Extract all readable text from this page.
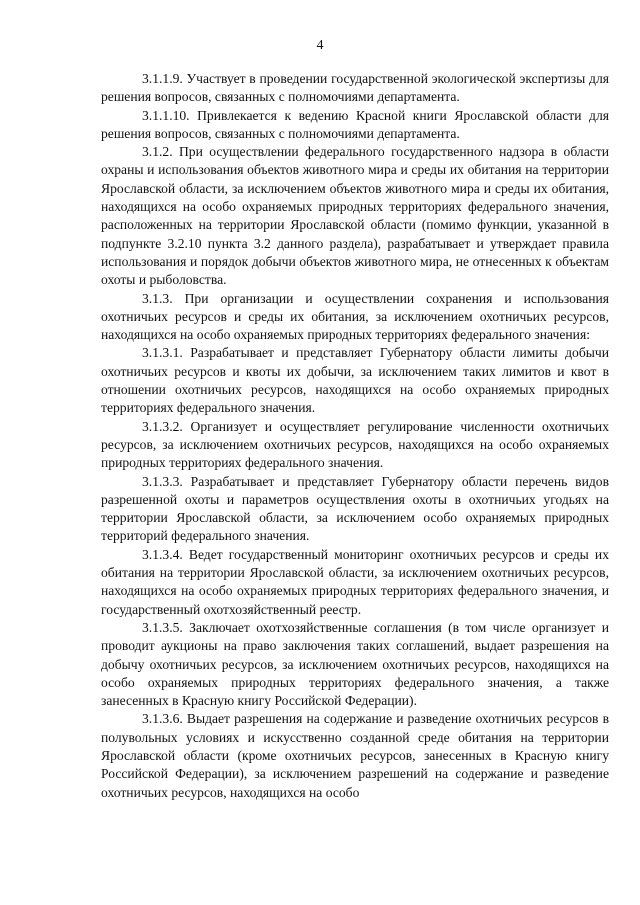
4

3.1.1.9. Участвует в проведении государственной экологической экспертизы для решения вопросов, связанных с полномочиями департамента.

3.1.1.10. Привлекается к ведению Красной книги Ярославской области для решения вопросов, связанных с полномочиями департамента.

3.1.2. При осуществлении федерального государственного надзора в области охраны и использования объектов животного мира и среды их обитания на территории Ярославской области, за исключением объектов животного мира и среды их обитания, находящихся на особо охраняемых природных территориях федерального значения, расположенных на территории Ярославской области (помимо функции, указанной в подпункте 3.2.10 пункта 3.2 данного раздела), разрабатывает и утверждает правила использования и порядок добычи объектов животного мира, не отнесенных к объектам охоты и рыболовства.

3.1.3. При организации и осуществлении сохранения и использования охотничьих ресурсов и среды их обитания, за исключением охотничьих ресурсов, находящихся на особо охраняемых природных территориях федерального значения:

3.1.3.1. Разрабатывает и представляет Губернатору области лимиты добычи охотничьих ресурсов и квоты их добычи, за исключением таких лимитов и квот в отношении охотничьих ресурсов, находящихся на особо охраняемых природных территориях федерального значения.

3.1.3.2. Организует и осуществляет регулирование численности охотничьих ресурсов, за исключением охотничьих ресурсов, находящихся на особо охраняемых природных территориях федерального значения.

3.1.3.3. Разрабатывает и представляет Губернатору области перечень видов разрешенной охоты и параметров осуществления охоты в охотничьих угодьях на территории Ярославской области, за исключением особо охраняемых природных территорий федерального значения.

3.1.3.4. Ведет государственный мониторинг охотничьих ресурсов и среды их обитания на территории Ярославской области, за исключением охотничьих ресурсов, находящихся на особо охраняемых природных территориях федерального значения, и государственный охотхозяйственный реестр.

3.1.3.5. Заключает охотхозяйственные соглашения (в том числе организует и проводит аукционы на право заключения таких соглашений, выдает разрешения на добычу охотничьих ресурсов, за исключением охотничьих ресурсов, находящихся на особо охраняемых природных территориях федерального значения, а также занесенных в Красную книгу Российской Федерации).

3.1.3.6. Выдает разрешения на содержание и разведение охотничьих ресурсов в полувольных условиях и искусственно созданной среде обитания на территории Ярославской области (кроме охотничьих ресурсов, занесенных в Красную книгу Российской Федерации), за исключением разрешений на содержание и разведение охотничьих ресурсов, находящихся на особо
